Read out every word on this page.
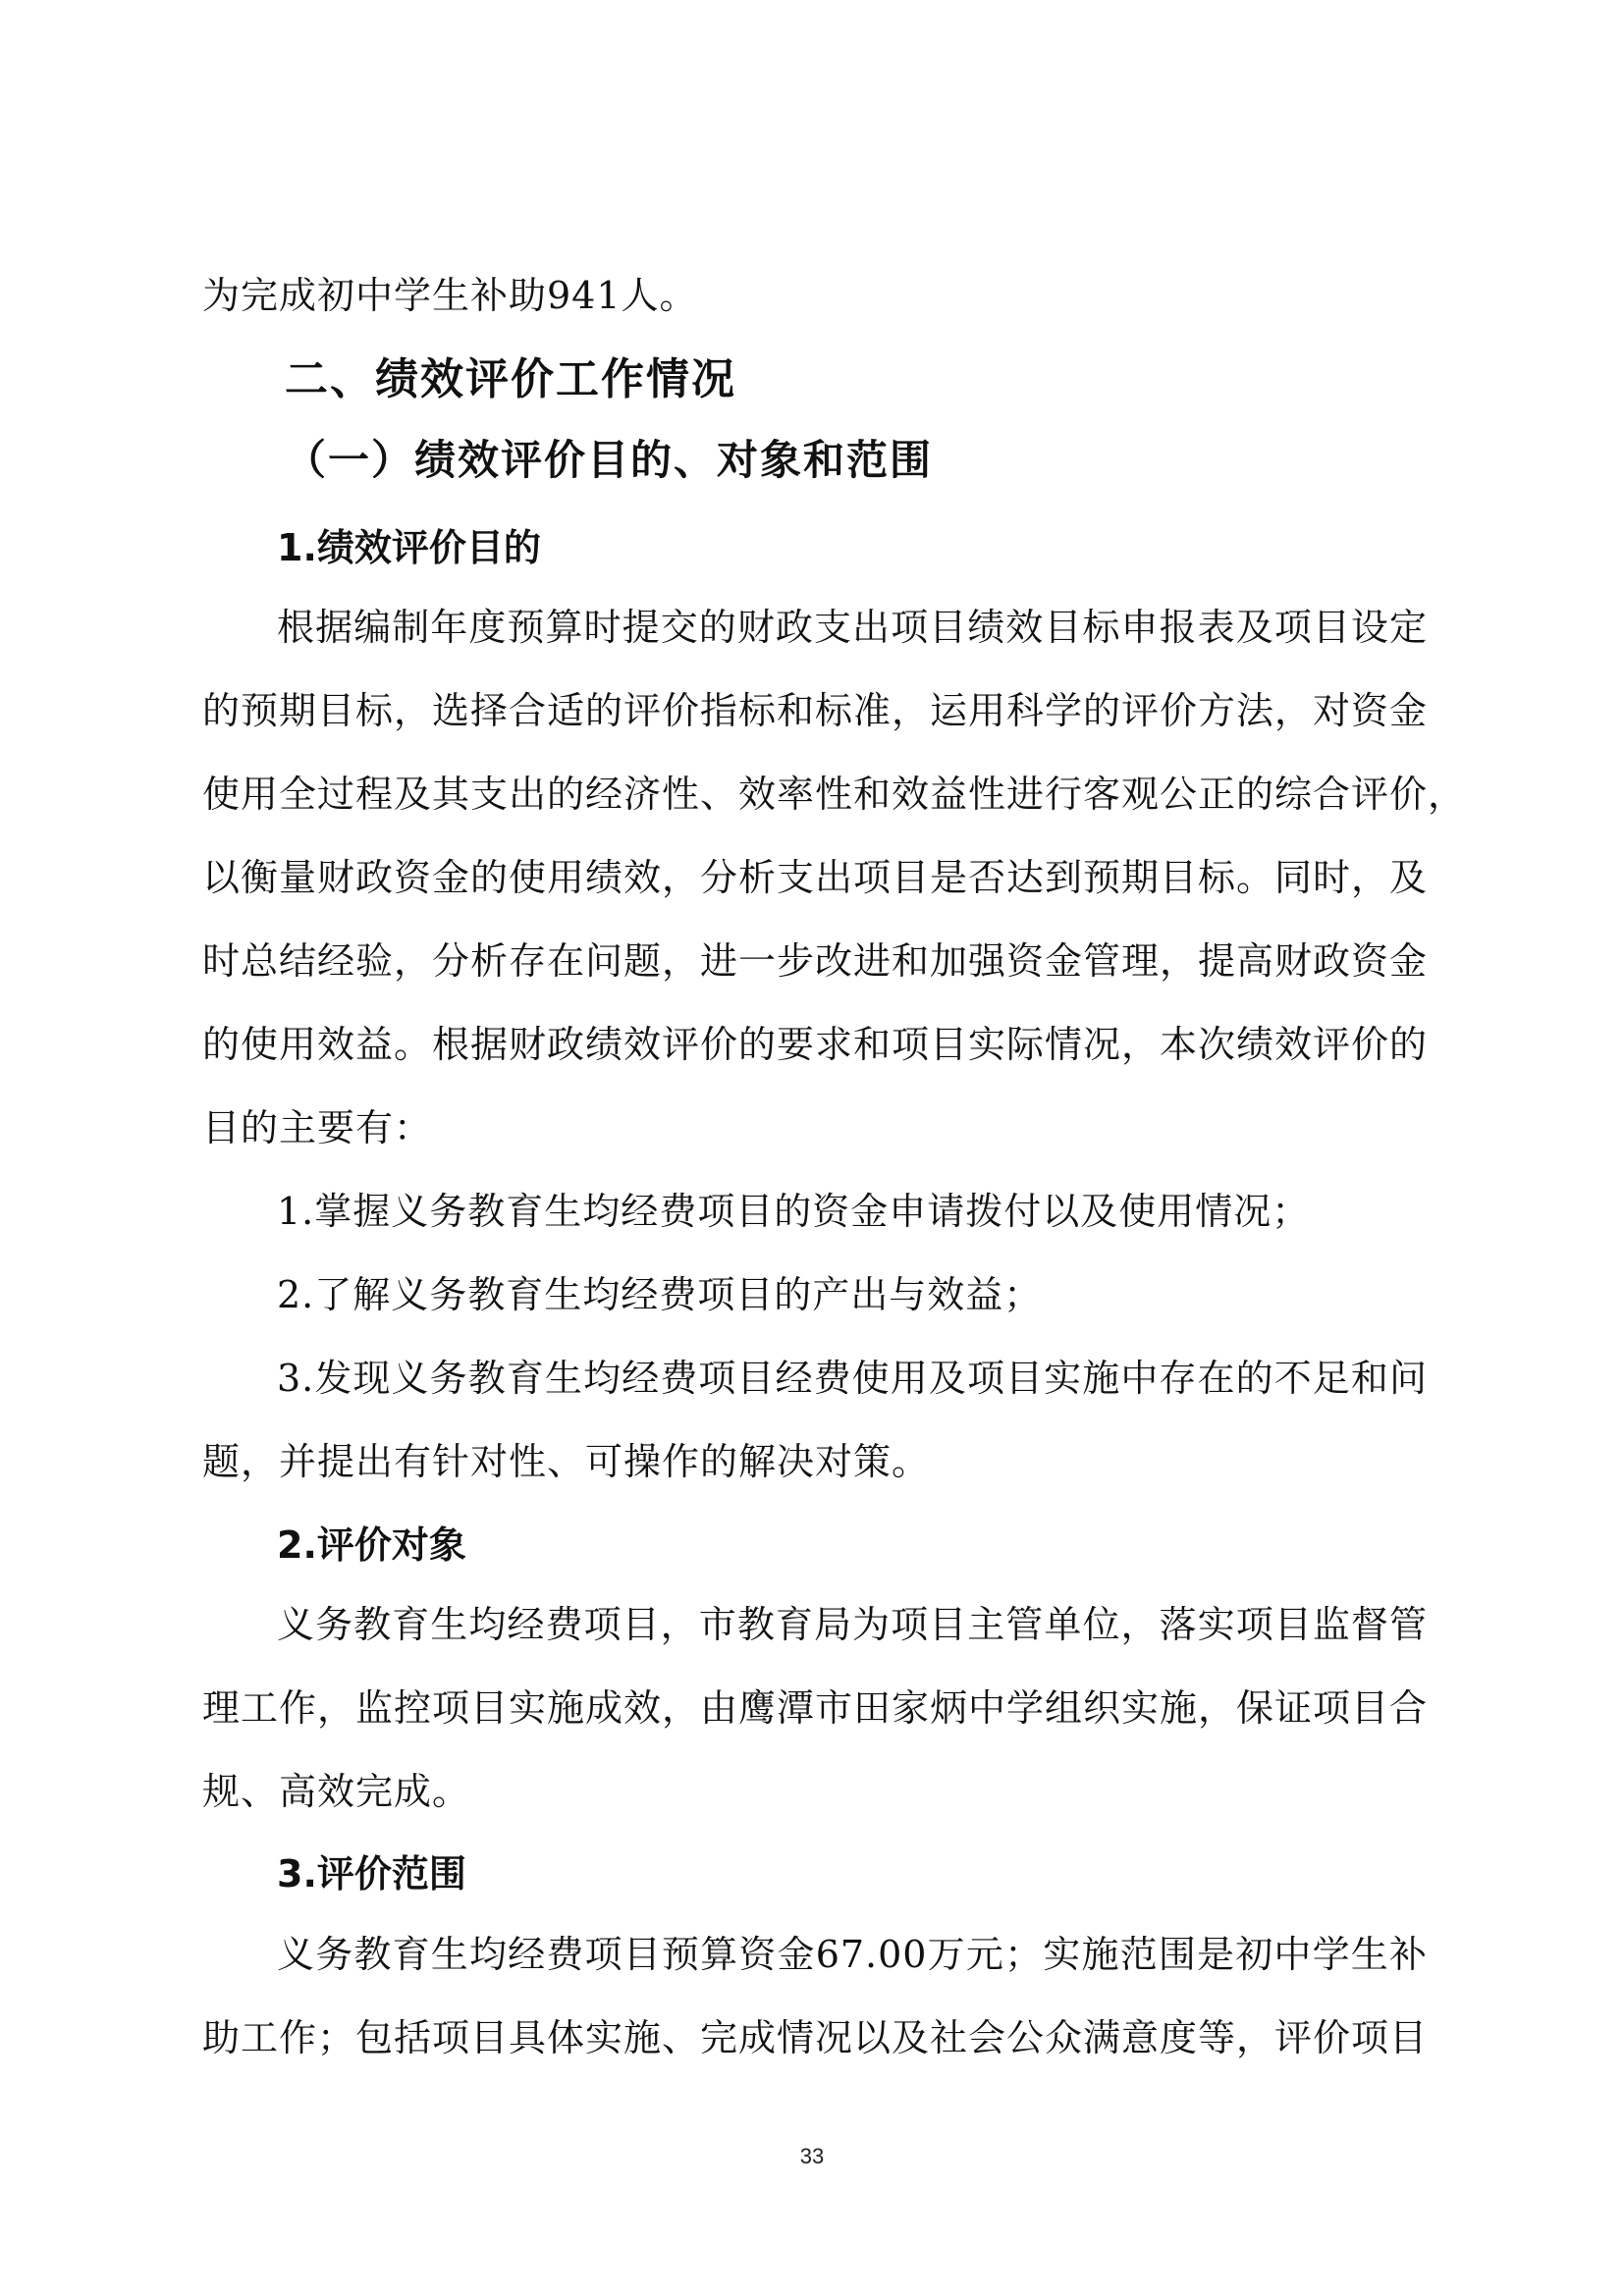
为完成初中学生补助941人。
二、绩效评价工作情况
（一）绩效评价目的、对象和范围
1.绩效评价目的
根据编制年度预算时提交的财政支出项目绩效目标申报表及项目设定
的预期目标，选择合适的评价指标和标准，运用科学的评价方法，对资金
使用全过程及其支出的经济性、效率性和效益性进行客观公正的综合评价，
以衡量财政资金的使用绩效，分析支出项目是否达到预期目标。同时，及
时总结经验，分析存在问题，进一步改进和加强资金管理，提高财政资金
的使用效益。根据财政绩效评价的要求和项目实际情况，本次绩效评价的
目的主要有：
1.掌握义务教育生均经费项目的资金申请拨付以及使用情况；
2.了解义务教育生均经费项目的产出与效益；
3.发现义务教育生均经费项目经费使用及项目实施中存在的不足和问
题，并提出有针对性、可操作的解决对策。
2.评价对象
义务教育生均经费项目，市教育局为项目主管单位，落实项目监督管
理工作，监控项目实施成效，由鹰潭市田家炳中学组织实施，保证项目合
规、高效完成。
3.评价范围
义务教育生均经费项目预算资金67.00万元；实施范围是初中学生补
助工作；包括项目具体实施、完成情况以及社会公众满意度等，评价项目
33
